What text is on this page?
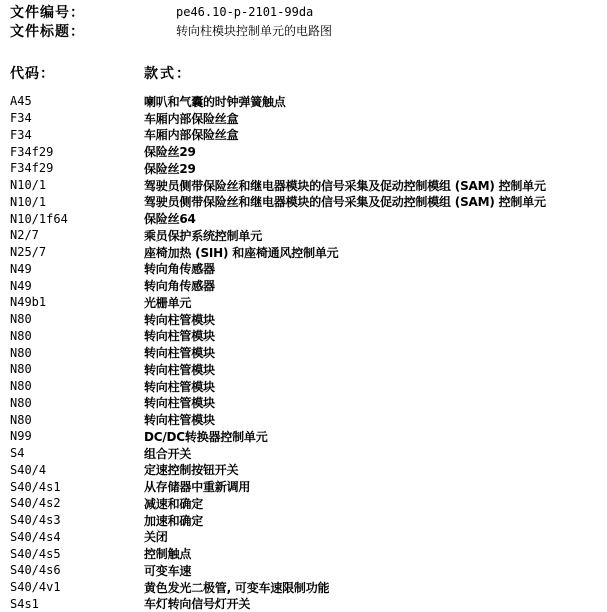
文件编号：	pe46.10-p-2101-99da
文件标题：	转向柱模块控制单元的电路图
代码：	款式：
A45	喇叭和气囊的时钟弹簧触点
F34	车厢内部保险丝盒
F34	车厢内部保险丝盒
F34f29	保险丝29
F34f29	保险丝29
N10/1	驾驶员侧带保险丝和继电器模块的信号采集及促动控制模组 (SAM) 控制单元
N10/1	驾驶员侧带保险丝和继电器模块的信号采集及促动控制模组 (SAM) 控制单元
N10/1f64	保险丝64
N2/7	乘员保护系统控制单元
N25/7	座椅加热 (SIH) 和座椅通风控制单元
N49	转向角传感器
N49	转向角传感器
N49b1	光栅单元
N80	转向柱管模块
N80	转向柱管模块
N80	转向柱管模块
N80	转向柱管模块
N80	转向柱管模块
N80	转向柱管模块
N80	转向柱管模块
N99	DC/DC转换器控制单元
S4	组合开关
S40/4	定速控制按钮开关
S40/4s1	从存储器中重新调用
S40/4s2	减速和确定
S40/4s3	加速和确定
S40/4s4	关闭
S40/4s5	控制触点
S40/4s6	可变车速
S40/4v1	黄色发光二极管, 可变车速限制功能
S4s1	车灯转向信号灯开关
